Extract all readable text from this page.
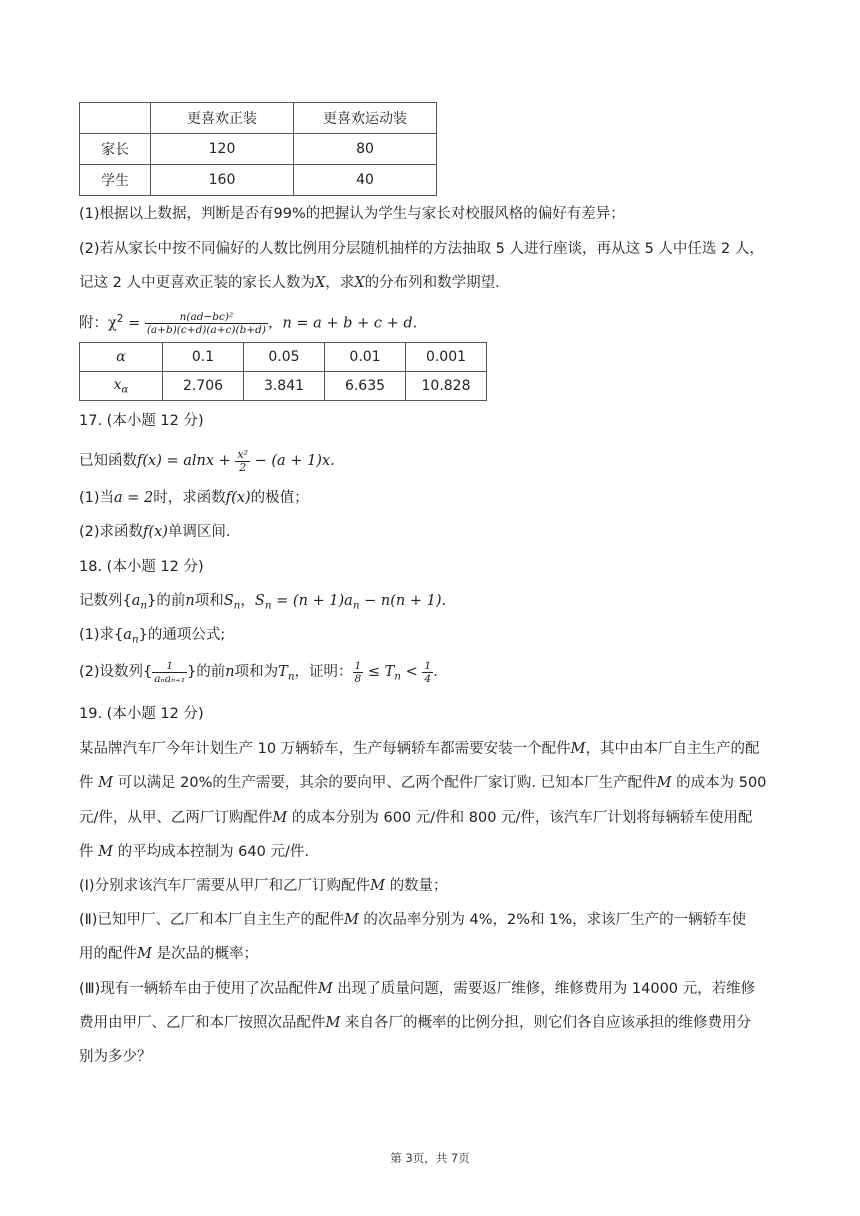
	更喜欢正装	更喜欢运动装
家长	120	80
学生	160	40
(1)根据以上数据，判断是否有99%的把握认为学生与家长对校服风格的偏好有差异；
(2)若从家长中按不同偏好的人数比例用分层随机抽样的方法抽取 5 人进行座谈，再从这 5 人中任选 2 人，
记这 2 人中更喜欢正装的家长人数为X，求X的分布列和数学期望.
附：$\chi^2 = \frac{\text{n(ad−bc)²}}{(a+b)(c+d)(a+c)(b+d)}$ ，n = a + b + c + d.
α	0.1	0.05	0.01	0.001
$x_\alpha$	2.706	3.841	6.635	10.828
17. (本小题 12 分)
已知函数$f(x) = alnx + \frac{\text{x²}}{2} - (a + 1)x$.
(1)当a = 2时，求函数f(x)的极值；
(2)求函数f(x)单调区间.
18. (本小题 12 分)
记数列$\{a_n\}$的前n项和$S_n$，$S_n = (n + 1)a_n - n(n + 1)$.
(1)求$\{a_n\}$的通项公式;
(2)设数列{ $\frac{1}{\text{aₙaₙ₊₁}}$ }的前n项和为$T_n$，证明： $\frac{1}{8} \le T_n < \frac{1}{4}$ .
19. (本小题 12 分)
某品牌汽车厂今年计划生产 10 万辆轿车，生产每辆轿车都需要安装一个配件M，其中由本厂自主生产的配
件 M 可以满足 20%的生产需要，其余的要向甲、乙两个配件厂家订购. 已知本厂生产配件M 的成本为 500
元/件，从甲、乙两厂订购配件M 的成本分别为 600 元/件和 800 元/件，该汽车厂计划将每辆轿车使用配
件 M 的平均成本控制为 640 元/件.
(Ⅰ)分别求该汽车厂需要从甲厂和乙厂订购配件M 的数量；
(Ⅱ)已知甲厂、乙厂和本厂自主生产的配件M 的次品率分别为 4%，2%和 1%，求该厂生产的一辆轿车使
用的配件M 是次品的概率；
(Ⅲ)现有一辆轿车由于使用了次品配件M 出现了质量问题，需要返厂维修，维修费用为 14000 元，若维修
费用由甲厂、乙厂和本厂按照次品配件M 来自各厂的概率的比例分担，则它们各自应该承担的维修费用分
别为多少？
第 3页，共 7页
